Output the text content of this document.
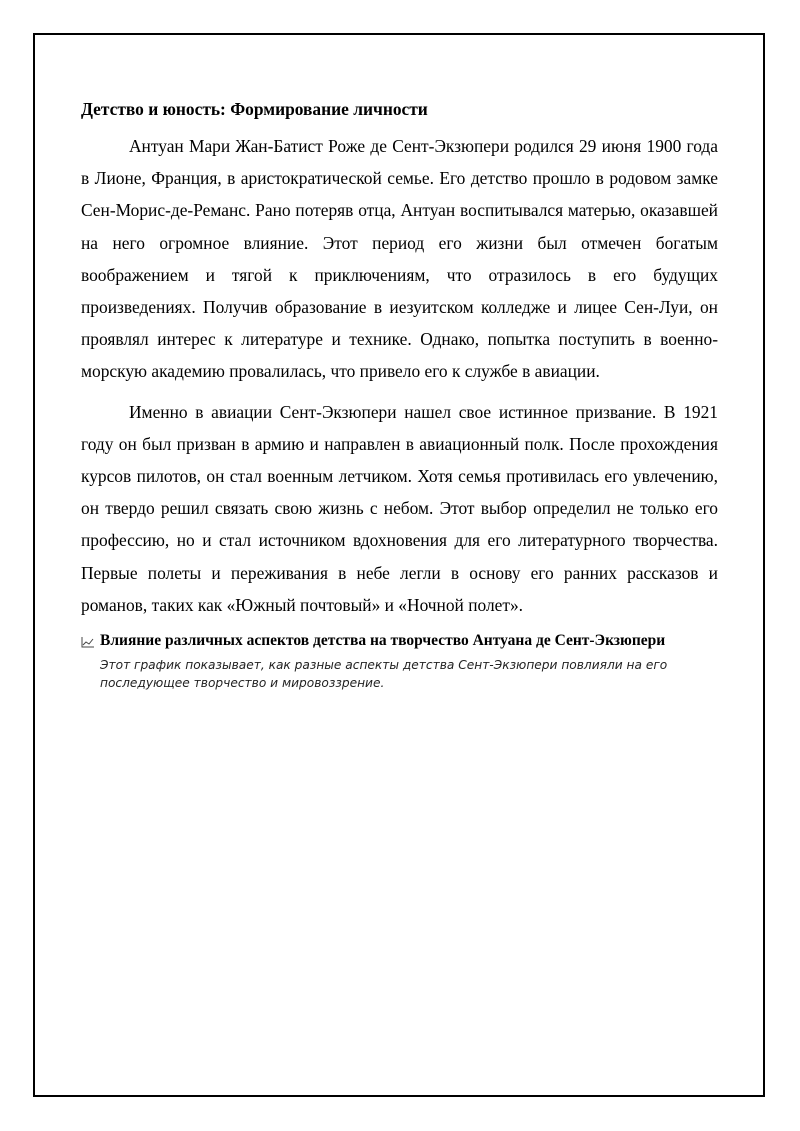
Детство и юность: Формирование личности

Антуан Мари Жан-Батист Роже де Сент-Экзюпери родился 29 июня 1900 года в Лионе, Франция, в аристократической семье. Его детство прошло в родовом замке Сен-Морис-де-Реманс. Рано потеряв отца, Антуан воспитывался матерью, оказавшей на него огромное влияние. Этот период его жизни был отмечен богатым воображением и тягой к приключениям, что отразилось в его будущих произведениях. Получив образование в иезуитском колледже и лицее Сен-Луи, он проявлял интерес к литературе и технике. Однако, попытка поступить в военно-морскую академию провалилась, что привело его к службе в авиации.

Именно в авиации Сент-Экзюпери нашел свое истинное призвание. В 1921 году он был призван в армию и направлен в авиационный полк. После прохождения курсов пилотов, он стал военным летчиком. Хотя семья противилась его увлечению, он твердо решил связать свою жизнь с небом. Этот выбор определил не только его профессию, но и стал источником вдохновения для его литературного творчества. Первые полеты и переживания в небе легли в основу его ранних рассказов и романов, таких как «Южный почтовый» и «Ночной полет».

Влияние различных аспектов детства на творчество Антуана де Сент-Экзюпери
Этот график показывает, как разные аспекты детства Сент-Экзюпери повлияли на его последующее творчество и мировоззрение.
